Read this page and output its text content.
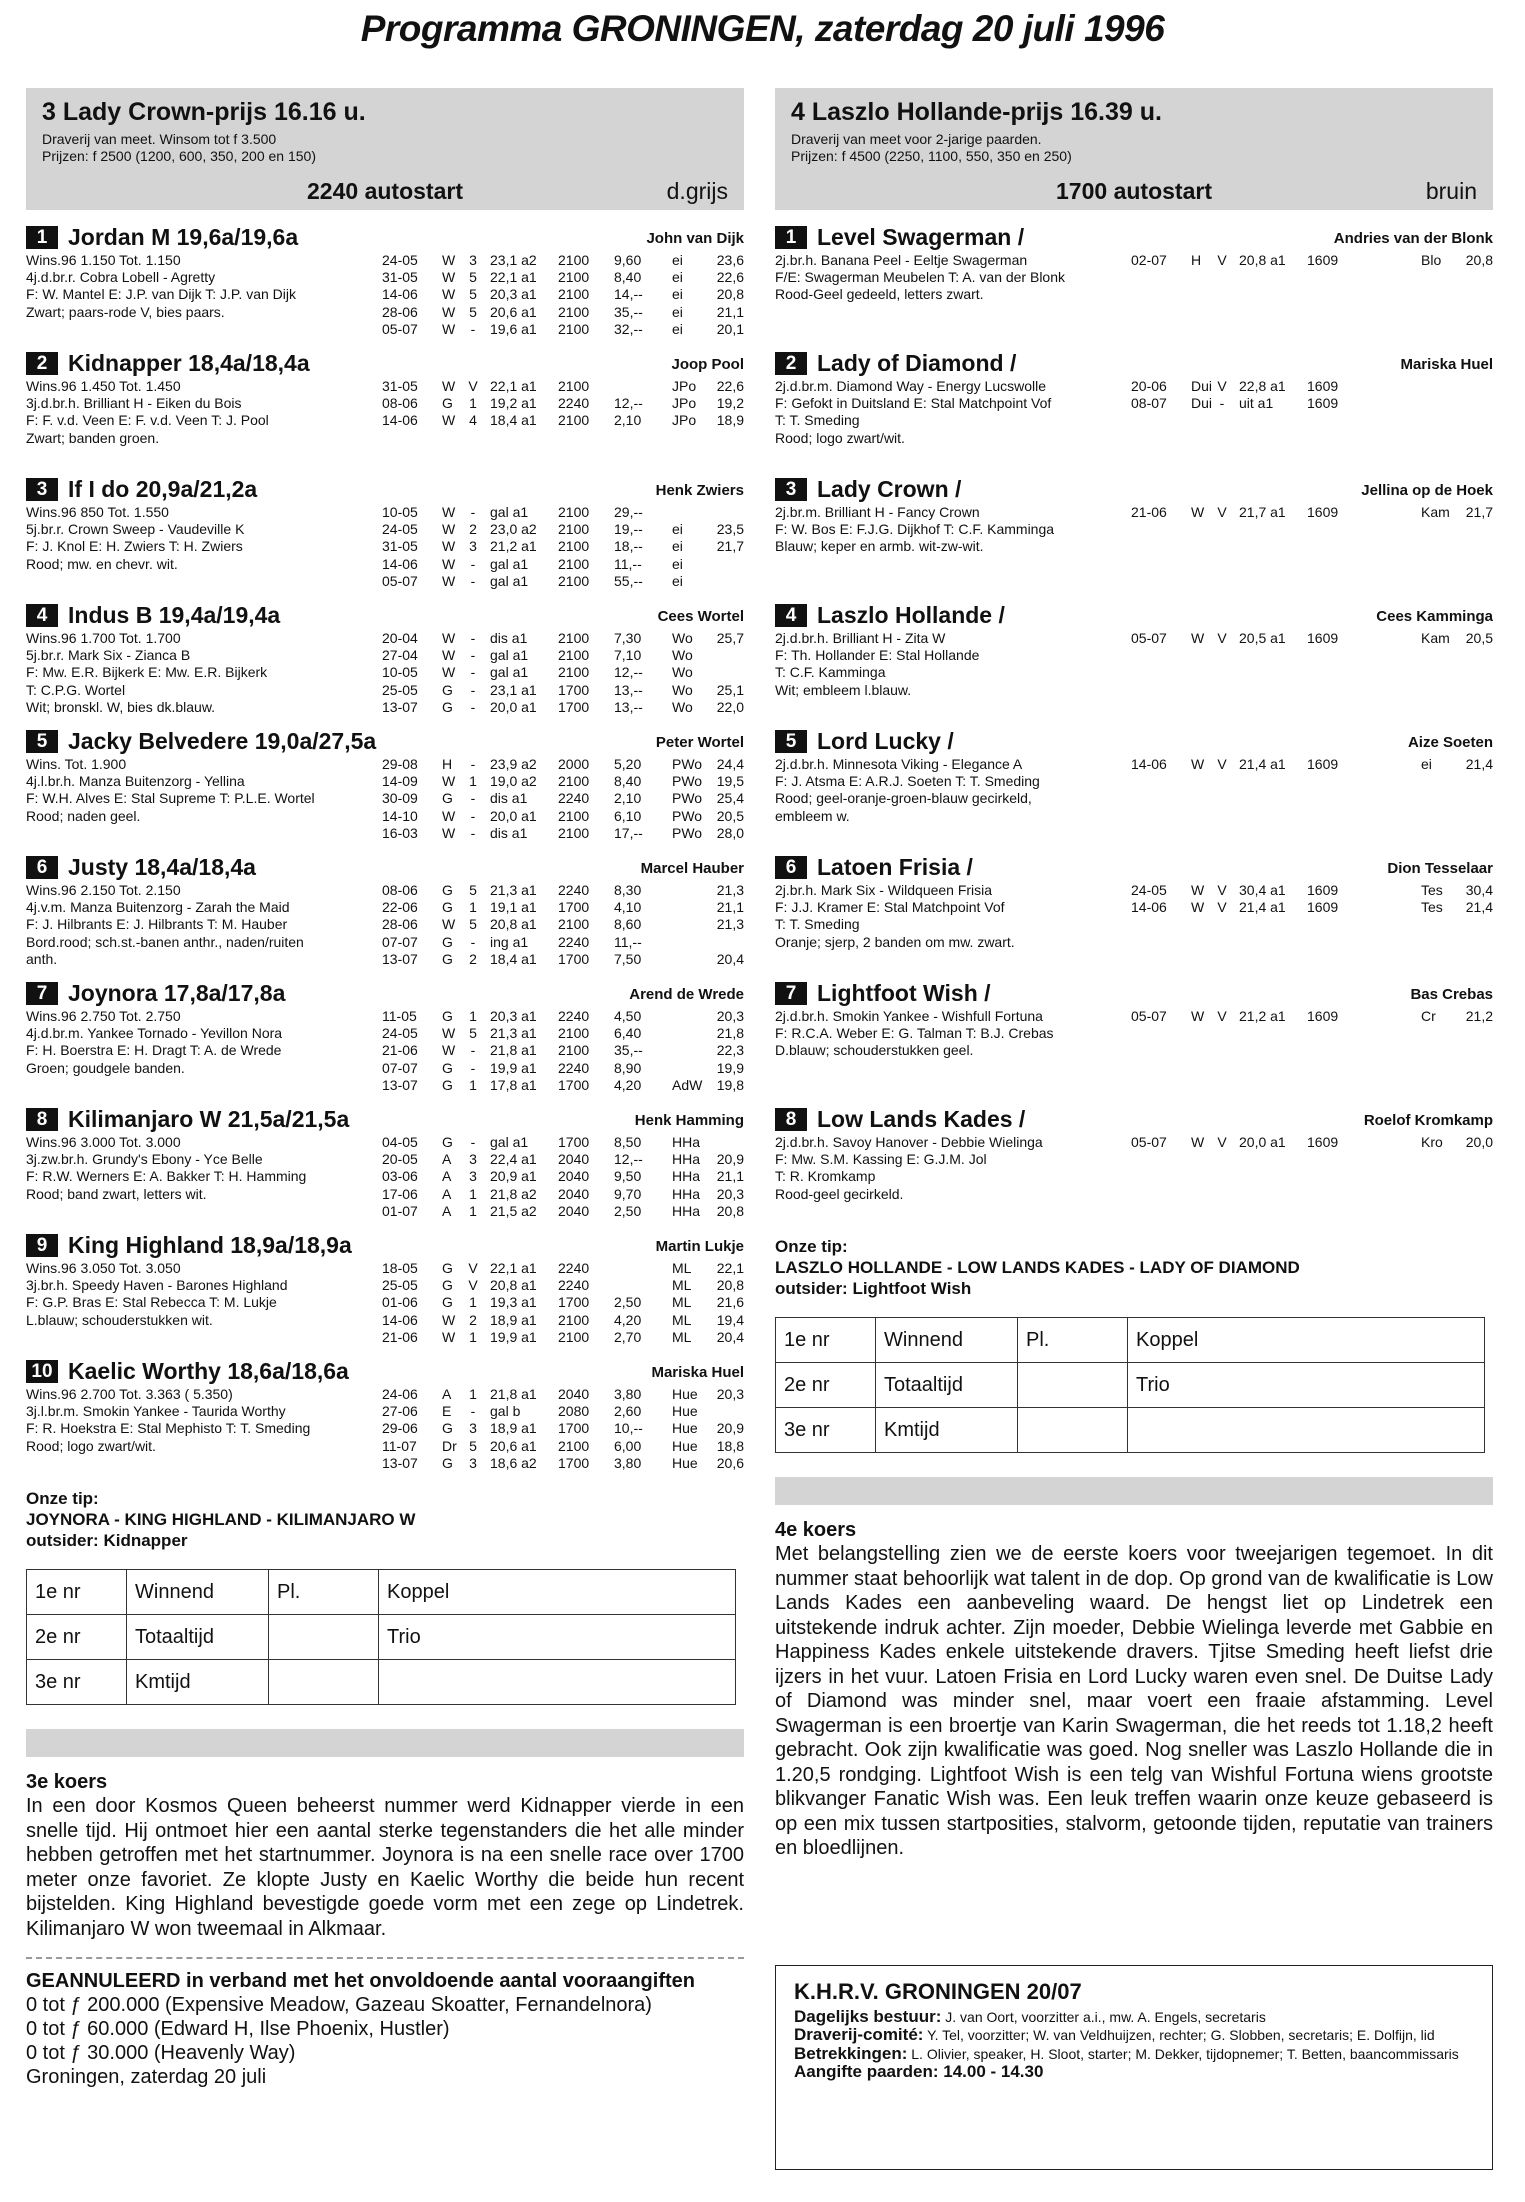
Programma GRONINGEN, zaterdag 20 juli 1996
3 Lady Crown-prijs 16.16 u.
Draverij van meet. Winsom tot f 3.500
Prijzen: f 2500 (1200, 600, 350, 200 en 150)
2240 autostart	d.grijs
1 Jordan M 19,6a/19,6a	John van Dijk
Wins.96 1.150 Tot. 1.150
4j.d.br.r. Cobra Lobell - Agretty
F: W. Mantel E: J.P. van Dijk T: J.P. van Dijk
Zwart; paars-rode V, bies paars.
24-05 W 3 23,1 a2 2100 9,60 ei 23,6
31-05 W 5 22,1 a1 2100 8,40 ei 22,6
14-06 W 5 20,3 a1 2100 14,-- ei 20,8
28-06 W 5 20,6 a1 2100 35,-- ei 21,1
05-07 W	-	19,6 a1 2100 32,-- ei 20,1
2 Kidnapper 18,4a/18,4a	Joop Pool
Wins.96 1.450 Tot. 1.450
3j.d.br.h. Brilliant H - Eiken du Bois
F: F. v.d. Veen E: F. v.d. Veen T: J. Pool
Zwart; banden groen.
31-05 W V 22,1 a1 2100	JPo 22,6
08-06 G 1 19,2 a1 2240 12,-- JPo 19,2
14-06 W 4 18,4 a1 2100 2,10 JPo 18,9
3 If I do 20,9a/21,2a	Henk Zwiers
Wins.96 850 Tot. 1.550
5j.br.r. Crown Sweep - Vaudeville K
F: J. Knol E: H. Zwiers T: H. Zwiers
Rood; mw. en chevr. wit.
10-05 W	-	gal a1 2100 29,--
24-05 W 2 23,0 a2 2100 19,-- ei 23,5
31-05 W 3 21,2 a1 2100 18,-- ei 21,7
14-06 W	-	gal a1 2100 11,-- ei
05-07 W	-	gal a1 2100 55,-- ei
4 Indus B 19,4a/19,4a	Cees Wortel
Wins.96 1.700 Tot. 1.700
5j.br.r. Mark Six - Zianca B
F: Mw. E.R. Bijkerk E: Mw. E.R. Bijkerk
T: C.P.G. Wortel
Wit; bronskl. W, bies dk.blauw.
20-04 W	-	dis a1 2100 7,30 Wo 25,7
27-04 W	-	gal a1 2100 7,10 Wo
10-05 W	-	gal a1 2100 12,-- Wo
25-05 G	-	23,1 a1 1700 13,-- Wo 25,1
13-07 G	-	20,0 a1 1700 13,-- Wo 22,0
5 Jacky Belvedere 19,0a/27,5a	Peter Wortel
Wins. Tot. 1.900
4j.l.br.h. Manza Buitenzorg - Yellina
F: W.H. Alves E: Stal Supreme T: P.L.E. Wortel
Rood; naden geel.
29-08 H	-	23,9 a2 2000 5,20 PWo 24,4
14-09 W 1 19,0 a2 2100 8,40 PWo 19,5
30-09 G	-	dis a1 2240 2,10 PWo 25,4
14-10 W	-	20,0 a1 2100 6,10 PWo 20,5
16-03 W	-	dis a1 2100 17,-- PWo 28,0
6 Justy 18,4a/18,4a	Marcel Hauber
Wins.96 2.150 Tot. 2.150
4j.v.m. Manza Buitenzorg - Zarah the Maid
F: J. Hilbrants E: J. Hilbrants T: M. Hauber
Bord.rood; sch.st.-banen anthr., naden/ruiten
anth.
08-06 G 5 21,3 a1 2240 8,30	21,3
22-06 G 1 19,1 a1 1700 4,10	21,1
28-06 W 5 20,8 a1 2100 8,60	21,3
07-07 G	-	ing a1 2240 11,--
13-07 G 2 18,4 a1 1700 7,50	20,4
7 Joynora 17,8a/17,8a	Arend de Wrede
Wins.96 2.750 Tot. 2.750
4j.d.br.m. Yankee Tornado - Yevillon Nora
F: H. Boerstra E: H. Dragt T: A. de Wrede
Groen; goudgele banden.
11-05 G 1 20,3 a1 2240 4,50	20,3
24-05 W 5 21,3 a1 2100 6,40	21,8
21-06 W	-	21,8 a1 2100 35,--	22,3
07-07 G	-	19,9 a1 2240 8,90	19,9
13-07 G 1 17,8 a1 1700 4,20 AdW 19,8
8 Kilimanjaro W 21,5a/21,5a	Henk Hamming
Wins.96 3.000 Tot. 3.000
3j.zw.br.h. Grundy's Ebony - Yce Belle
F: R.W. Werners E: A. Bakker T: H. Hamming
Rood; band zwart, letters wit.
04-05 G	-	gal a1 1700 8,50 HHa
20-05 A 3 22,4 a1 2040 12,-- HHa 20,9
03-06 A 3 20,9 a1 2040 9,50 HHa 21,1
17-06 A 1 21,8 a2 2040 9,70 HHa 20,3
01-07 A 1 21,5 a2 2040 2,50 HHa 20,8
9 King Highland 18,9a/18,9a	Martin Lukje
Wins.96 3.050 Tot. 3.050
3j.br.h. Speedy Haven - Barones Highland
F: G.P. Bras E: Stal Rebecca T: M. Lukje
L.blauw; schouderstukken wit.
18-05 G V 22,1 a1 2240	ML 22,1
25-05 G V 20,8 a1 2240	ML 20,8
01-06 G 1 19,3 a1 1700 2,50 ML 21,6
14-06 W 2 18,9 a1 2100 4,20 ML 19,4
21-06 W 1 19,9 a1 2100 2,70 ML 20,4
10 Kaelic Worthy 18,6a/18,6a	Mariska Huel
Wins.96 2.700 Tot. 3.363 ( 5.350)
3j.l.br.m. Smokin Yankee - Taurida Worthy
F: R. Hoekstra E: Stal Mephisto T: T. Smeding
Rood; logo zwart/wit.
24-06 A 1 21,8 a1 2040 3,80 Hue 20,3
27-06 E	-	gal b	2080 2,60 Hue
29-06 G 3 18,9 a1 1700 10,-- Hue 20,9
11-07 Dr 5 20,6 a1 2100 6,00 Hue 18,8
13-07 G 3 18,6 a2 1700 3,80 Hue 20,6
Onze tip:
JOYNORA - KING HIGHLAND - KILIMANJARO W
outsider: Kidnapper
1e nr	Winnend	Pl.	Koppel
2e nr	Totaaltijd		Trio
3e nr	Kmtijd		
3e koers

In een door Kosmos Queen beheerst nummer werd Kidnapper vierde in een snelle tijd. Hij ontmoet hier een aantal sterke tegenstanders die het alle minder hebben getroffen met het startnummer. Joynora is na een snelle race over 1700 meter onze favoriet. Ze klopte Justy en Kaelic Worthy die beide hun recent bijstelden. King Highland bevestigde goede vorm met een zege op Lindetrek. Kilimanjaro W won tweemaal in Alkmaar.

GEANNULEERD in verband met het onvoldoende aantal vooraangiften
0 tot ƒ 200.000 (Expensive Meadow, Gazeau Skoatter, Fernandelnora)
0 tot ƒ 60.000 (Edward H, Ilse Phoenix, Hustler)
0 tot ƒ 30.000 (Heavenly Way)
Groningen, zaterdag 20 juli
4 Laszlo Hollande-prijs 16.39 u.
Draverij van meet voor 2-jarige paarden.
Prijzen: f 4500 (2250, 1100, 550, 350 en 250)
1700 autostart	bruin
1 Level Swagerman /	Andries van der Blonk
2j.br.h. Banana Peel - Eeltje Swagerman
F/E: Swagerman Meubelen T: A. van der Blonk
Rood-Geel gedeeld, letters zwart.
02-07 H V 20,8 a1 1609	Blo 20,8
2 Lady of Diamond /	Mariska Huel
2j.d.br.m. Diamond Way - Energy Lucswolle
F: Gefokt in Duitsland E: Stal Matchpoint Vof
T: T. Smeding
Rood; logo zwart/wit.
20-06 Dui V 22,8 a1 1609
08-07 Dui -	uit a1 1609
3 Lady Crown /	Jellina op de Hoek
2j.br.m. Brilliant H - Fancy Crown
F: W. Bos E: F.J.G. Dijkhof T: C.F. Kamminga
Blauw; keper en armb. wit-zw-wit.
21-06 W V 21,7 a1 1609	Kam 21,7
4 Laszlo Hollande /	Cees Kamminga
2j.d.br.h. Brilliant H - Zita W
F: Th. Hollander E: Stal Hollande
T: C.F. Kamminga
Wit; embleem l.blauw.
05-07 W V 20,5 a1 1609	Kam 20,5
5 Lord Lucky /	Aize Soeten
2j.d.br.h. Minnesota Viking - Elegance A
F: J. Atsma E: A.R.J. Soeten T: T. Smeding
Rood; geel-oranje-groen-blauw gecirkeld,
embleem w.
14-06 W V 21,4 a1 1609	ei 21,4
6 Latoen Frisia /	Dion Tesselaar
2j.br.h. Mark Six - Wildqueen Frisia
F: J.J. Kramer E: Stal Matchpoint Vof
T: T. Smeding
Oranje; sjerp, 2 banden om mw. zwart.
24-05 W V 30,4 a1 1609	Tes 30,4
14-06 W V 21,4 a1 1609	Tes 21,4
7 Lightfoot Wish /	Bas Crebas
2j.d.br.h. Smokin Yankee - Wishfull Fortuna
F: R.C.A. Weber E: G. Talman T: B.J. Crebas
D.blauw; schouderstukken geel.
05-07 W V 21,2 a1 1609	Cr 21,2
8 Low Lands Kades /	Roelof Kromkamp
2j.d.br.h. Savoy Hanover - Debbie Wielinga
F: Mw. S.M. Kassing E: G.J.M. Jol
T: R. Kromkamp
Rood-geel gecirkeld.
05-07 W V 20,0 a1 1609	Kro 20,0
Onze tip:
LASZLO HOLLANDE - LOW LANDS KADES - LADY OF DIAMOND
outsider: Lightfoot Wish
1e nr	Winnend	Pl.	Koppel
2e nr	Totaaltijd		Trio
3e nr	Kmtijd		
4e koers

Met belangstelling zien we de eerste koers voor tweejarigen tegemoet. In dit nummer staat behoorlijk wat talent in de dop. Op grond van de kwalificatie is Low Lands Kades een aanbeveling waard. De hengst liet op Lindetrek een uitstekende indruk achter. Zijn moeder, Debbie Wielinga leverde met Gabbie en Happiness Kades enkele uitstekende dravers. Tjitse Smeding heeft liefst drie ijzers in het vuur. Latoen Frisia en Lord Lucky waren even snel. De Duitse Lady of Diamond was minder snel, maar voert een fraaie afstamming. Level Swagerman is een broertje van Karin Swagerman, die het reeds tot 1.18,2 heeft gebracht. Ook zijn kwalificatie was goed. Nog sneller was Laszlo Hollande die in 1.20,5 rondging. Lightfoot Wish is een telg van Wishful Fortuna wiens grootste blikvanger Fanatic Wish was. Een leuk treffen waarin onze keuze gebaseerd is op een mix tussen startposities, stalvorm, getoonde tijden, reputatie van trainers en bloedlijnen.

K.H.R.V. GRONINGEN 20/07
Dagelijks bestuur: J. van Oort, voorzitter a.i., mw. A. Engels, secretaris
Draverij-comité: Y. Tel, voorzitter; W. van Veldhuijzen, rechter; G. Slobben, secretaris; E. Dolfijn, lid
Betrekkingen: L. Olivier, speaker, H. Sloot, starter; M. Dekker, tijdopnemer; T. Betten, baancommissaris
Aangifte paarden: 14.00 - 14.30
